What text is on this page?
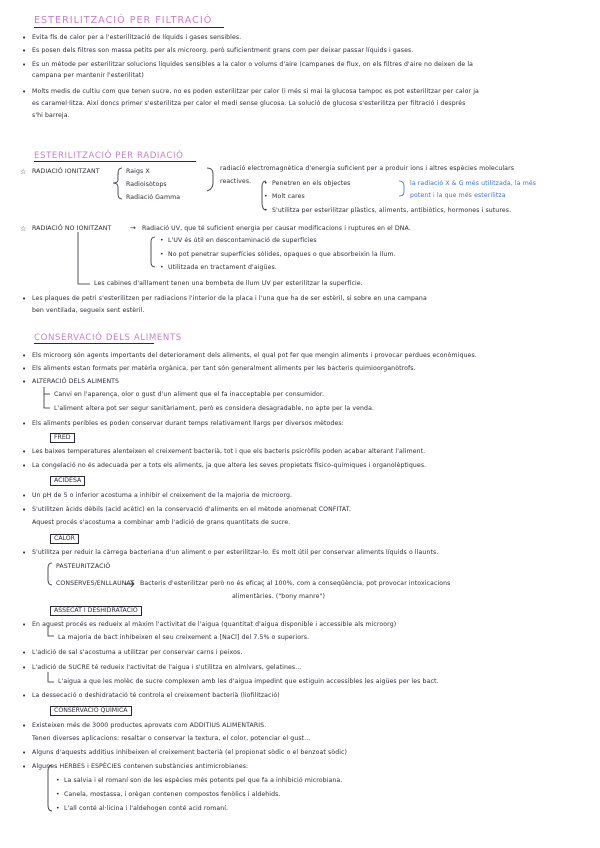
ESTERILITZACIÓ PER FILTRACIÓ
• Evita fls de calor per a l'esterilització de líquids i gases sensibles.
• Es posen dels filtres son massa petits per als microorg. però suficientment grans com per deixar passar líquids i gases.
• Es un mètode per esterilitzar solucions líquides sensibles a la calor o volums d'aire (campanes de flux, on els filtres d'aire no deixen de la
campana per mantenir l'esterilitat)
• Molts medis de cultiu com que tenen sucre, no es poden esterilitzar per calor (i més si mai la glucosa tampoc es pot esterilitzar per calor ja
es caramel·litza. Així doncs primer s'esterilitza per calor el medi sense glucosa. La solució de glucosa s'esterilitza per filtració i després
s'hi barreja.
ESTERILITZACIÓ PER RADIACIÓ
☆ RADIACIÓ IONITZANT	Raigs X
Radioisòtops
Radiació Gamma
radiació electromagnètica d'energia suficient per a produir ions i altres espècies moleculars
reactives. • Penetren en els objectes
• Molt cares
• S'utilitza per esterilitzar plàstics, aliments, antibiòtics, hormones i sutures.
la radiació X & G més utilitzada, la més
potent i la que més esterilitza
☆ RADIACIÓ NO IONITZANT	→ Radiació UV, que té suficient energia per causar modificacions i ruptures en el DNA.
• L'UV és útil en descontaminació de superfícies
• No pot penetrar superfícies sòlides, opaques o que absorbeixin la llum.
• Utilitzada en tractament d'aigües.
Les cabines d'aïllament tenen una bombeta de llum UV per esterilitzar la superfície.
• Les plaques de petri s'esterilitzen per radiacions l'interior de la placa i l'una que ha de ser estèril, si sobre en una campana
ben ventilada, segueix sent estèril.
CONSERVACIÓ DELS ALIMENTS
• Els microorg són agents importants del deteriorament dels aliments, el qual pot fer que mengin aliments i provocar perdues econòmiques.
• Els aliments estan formats per matèria orgànica, per tant són generalment aliments per les bacteris quimioorganòtrofs.
• ALTERACIÓ DELS ALIMENTS
Canvi en l'aparença, olor o gust d'un aliment que el fa inacceptable per consumidor.
L'aliment altera pot ser segur sanitàriament, però es considera desagradable, no apte per la venda.
• Els aliments peribles es poden conservar durant temps relativament llargs per diversos mètodes:
FRED
• Les baixes temperatures alenteixen el creixement bacterià, tot i que els bacteris psicròfils poden acabar alterant l'aliment.
• La congelació no és adecuada per a tots els aliments, ja que altera les seves propietats físico-químiques i organolèptiques.
ACIDESA
• Un pH de 5 o inferior acostuma a inhibir el creixement de la majoria de microorg.
• S'utilitzen àcids dèbils (acid acètic) en la conservació d'aliments en el mètode anomenat CONFITAT.
Aquest procés s'acostuma a combinar amb l'adició de grans quantitats de sucre.
CALOR
• S'utilitza per reduir la càrrega bacteriana d'un aliment o per esterilitzar-lo. Es molt útil per conservar aliments líquids o llaunts.
PASTEURITZACIÓ
CONSERVES/ENLLAUNAT Bacteris d'esterilitzar però no és eficaç al 100%, com a conseqüència, pot provocar intoxicacions
alimentàries. ("bony manre")
ASSECAT I DESHIDRATACIÓ
• En aquest procés es redueix al màxim l'activitat de l'aigua (quantitat d'aigua disponible i accessible als microorg)
La majoria de bact inhibeixen el seu creixement a [NaCl] del 7.5% o superiors.
• L'adició de sal s'acostuma a utilitzar per conservar carns i peixos.
• L'adició de SUCRE té redueix l'activitat de l'aigua i s'utilitza en almívars, gelatines...
L'aigua a que les molèc de sucre complexen amb les d'aigua impedint que estiguin accessibles les aigües per les bact.
• La dessecació o deshidratació té controla el creixement bacterià (liofilització)
CONSERVACIÓ QUÍMICA
• Existeixen més de 3000 productes aprovats com ADDITIUS ALIMENTARIS.
Tenen diverses aplicacions: resaltar o conservar la textura, el color, potenciar el gust...
• Alguns d'aquests additius inhibeixen el creixement bacterià (el propionat sòdic o el benzoat sòdic)
• Algunes HERBES i ESPÈCIES contenen substàncies antimicrobianes:
• La salvia i el romaní son de les espècies més potents pel que fa a inhibició microbiana.
• Canela, mostassa, i orègan contenen compostos fenòlics i aldehids.
• L'all conté al·licina i l'aldehogen conté acid romaní.
